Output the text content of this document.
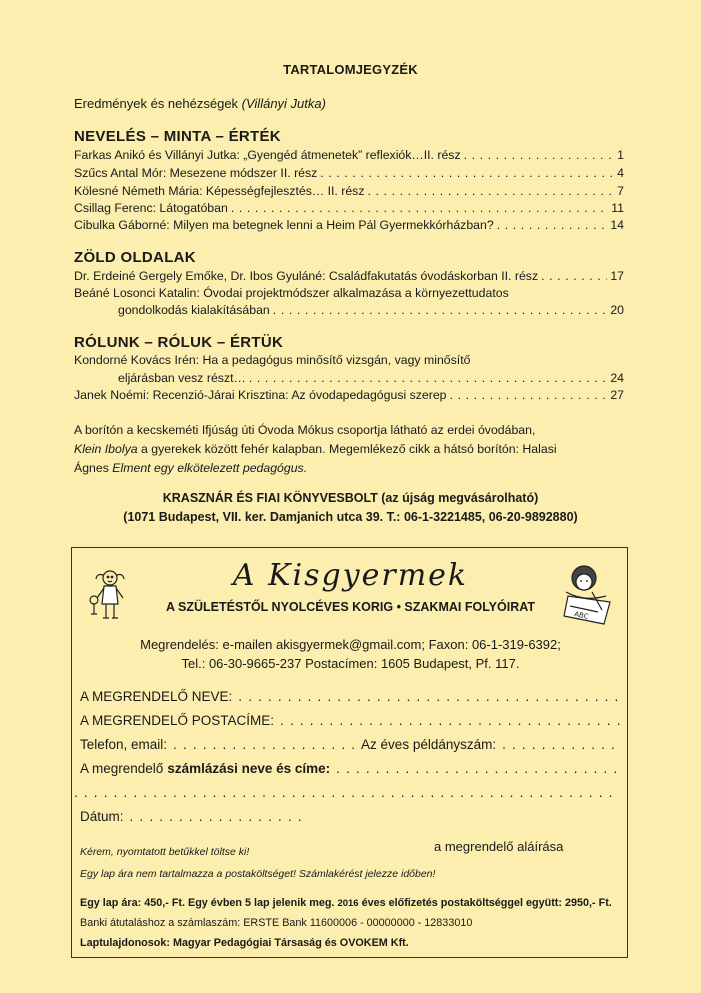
TARTALOMJEGYZÉK
Eredmények és nehézségek (Villányi Jutka)
NEVELÉS – MINTA – ÉRTÉK
Farkas Anikó és Villányi Jutka: „Gyengéd átmenetek” reflexiók…II. rész . . .	1
Szűcs Antal Mór: Mesezene módszer II. rész . . .	4
Kölesné Németh Mária: Képességfejlesztés… II. rész . . .	7
Csillag Ferenc: Látogatóban . . .	11
Cibulka Gáborné: Milyen ma betegnek lenni a Heim Pál Gyermekkórházban? . . .	14
ZÖLD OLDALAK
Dr. Erdeiné Gergely Emőke, Dr. Ibos Gyuláné: Családfakutatás óvodáskorban II. rész . . .	17
Beáné Losonci Katalin: Óvodai projektmódszer alkalmazása a környezettudatos
gondolkodás kialakításában . . .	20
RÓLUNK – RÓLUK – ÉRTÜK
Kondorné Kovács Irén: Ha a pedagógus minősítő vizsgán, vagy minősítő
eljárásban vesz részt… . . .	24
Janek Noémi: Recenzió-Járai Krisztina: Az óvodapedagógusi szerep . . .	27
A borítón a kecskeméti Ifjúság úti Óvoda Mókus csoportja látható az erdei óvodában,
Klein Ibolya a gyerekek között fehér kalapban. Megemlékező cikk a hátsó borítón: Halasi
Ágnes Elment egy elkötelezett pedagógus.
KRASZNÁR ÉS FIAI KÖNYVESBOLT (az újság megvásárolható)
(1071 Budapest, VII. ker. Damjanich utca 39. T.: 06-1-3221485, 06-20-9892880)
ABC
A Kisgyermek
A SZÜLETÉSTŐL NYOLCÉVES KORIG • SZAKMAI FOLYÓIRAT
Megrendelés: e-mailen akisgyermek@gmail.com; Faxon: 06-1-319-6392;
Tel.: 06-30-9665-237 Postacímen: 1605 Budapest, Pf. 117.
A MEGRENDELŐ NEVE:
. . .
A MEGRENDELŐ POSTACÍME:
. . .
Telefon, email: . . .	Az éves példányszám:
. . .
A megrendelő számlázási neve és címe:
. . .
. . .
Dátum:
. . .
Kérem, nyomtatott betűkkel töltse ki!	a megrendelő aláírása
Egy lap ára nem tartalmazza a postaköltséget! Számlakérést jelezze időben!
Egy lap ára: 450,- Ft. Egy évben 5 lap jelenik meg. 2016 éves előfizetés postaköltséggel együtt: 2950,- Ft.
Banki átutaláshoz a számlaszám: ERSTE Bank 11600006 - 00000000 - 12833010
Laptulajdonosok: Magyar Pedagógiai Társaság és OVOKEM Kft.
